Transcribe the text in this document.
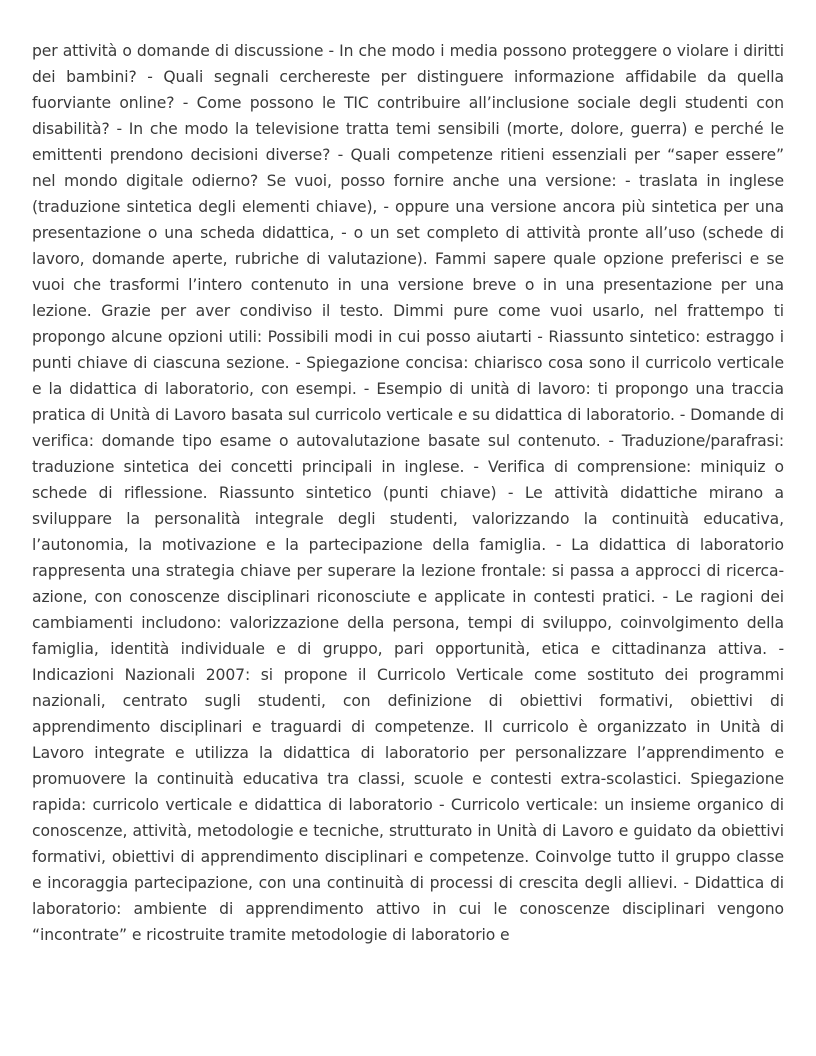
per attività o domande di discussione - In che modo i media possono proteggere o violare i diritti dei bambini? - Quali segnali cerchereste per distinguere informazione affidabile da quella fuorviante online? - Come possono le TIC contribuire all’inclusione sociale degli studenti con disabilità? - In che modo la televisione tratta temi sensibili (morte, dolore, guerra) e perché le emittenti prendono decisioni diverse? - Quali competenze ritieni essenziali per “saper essere” nel mondo digitale odierno? Se vuoi, posso fornire anche una versione: - traslata in inglese (traduzione sintetica degli elementi chiave), - oppure una versione ancora più sintetica per una presentazione o una scheda didattica, - o un set completo di attività pronte all’uso (schede di lavoro, domande aperte, rubriche di valutazione). Fammi sapere quale opzione preferisci e se vuoi che trasformi l’intero contenuto in una versione breve o in una presentazione per una lezione. Grazie per aver condiviso il testo. Dimmi pure come vuoi usarlo, nel frattempo ti propongo alcune opzioni utili: Possibili modi in cui posso aiutarti - Riassunto sintetico: estraggo i punti chiave di ciascuna sezione. - Spiegazione concisa: chiarisco cosa sono il curricolo verticale e la didattica di laboratorio, con esempi. - Esempio di unità di lavoro: ti propongo una traccia pratica di Unità di Lavoro basata sul curricolo verticale e su didattica di laboratorio. - Domande di verifica: domande tipo esame o autovalutazione basate sul contenuto. - Traduzione/parafrasi: traduzione sintetica dei concetti principali in inglese. - Verifica di comprensione: miniquiz o schede di riflessione. Riassunto sintetico (punti chiave) - Le attività didattiche mirano a sviluppare la personalità integrale degli studenti, valorizzando la continuità educativa, l’autonomia, la motivazione e la partecipazione della famiglia. - La didattica di laboratorio rappresenta una strategia chiave per superare la lezione frontale: si passa a approcci di ricerca-azione, con conoscenze disciplinari riconosciute e applicate in contesti pratici. - Le ragioni dei cambiamenti includono: valorizzazione della persona, tempi di sviluppo, coinvolgimento della famiglia, identità individuale e di gruppo, pari opportunità, etica e cittadinanza attiva. - Indicazioni Nazionali 2007: si propone il Curricolo Verticale come sostituto dei programmi nazionali, centrato sugli studenti, con definizione di obiettivi formativi, obiettivi di apprendimento disciplinari e traguardi di competenze. Il curricolo è organizzato in Unità di Lavoro integrate e utilizza la didattica di laboratorio per personalizzare l’apprendimento e promuovere la continuità educativa tra classi, scuole e contesti extra-scolastici. Spiegazione rapida: curricolo verticale e didattica di laboratorio - Curricolo verticale: un insieme organico di conoscenze, attività, metodologie e tecniche, strutturato in Unità di Lavoro e guidato da obiettivi formativi, obiettivi di apprendimento disciplinari e competenze. Coinvolge tutto il gruppo classe e incoraggia partecipazione, con una continuità di processi di crescita degli allievi. - Didattica di laboratorio: ambiente di apprendimento attivo in cui le conoscenze disciplinari vengono “incontrate” e ricostruite tramite metodologie di laboratorio e
